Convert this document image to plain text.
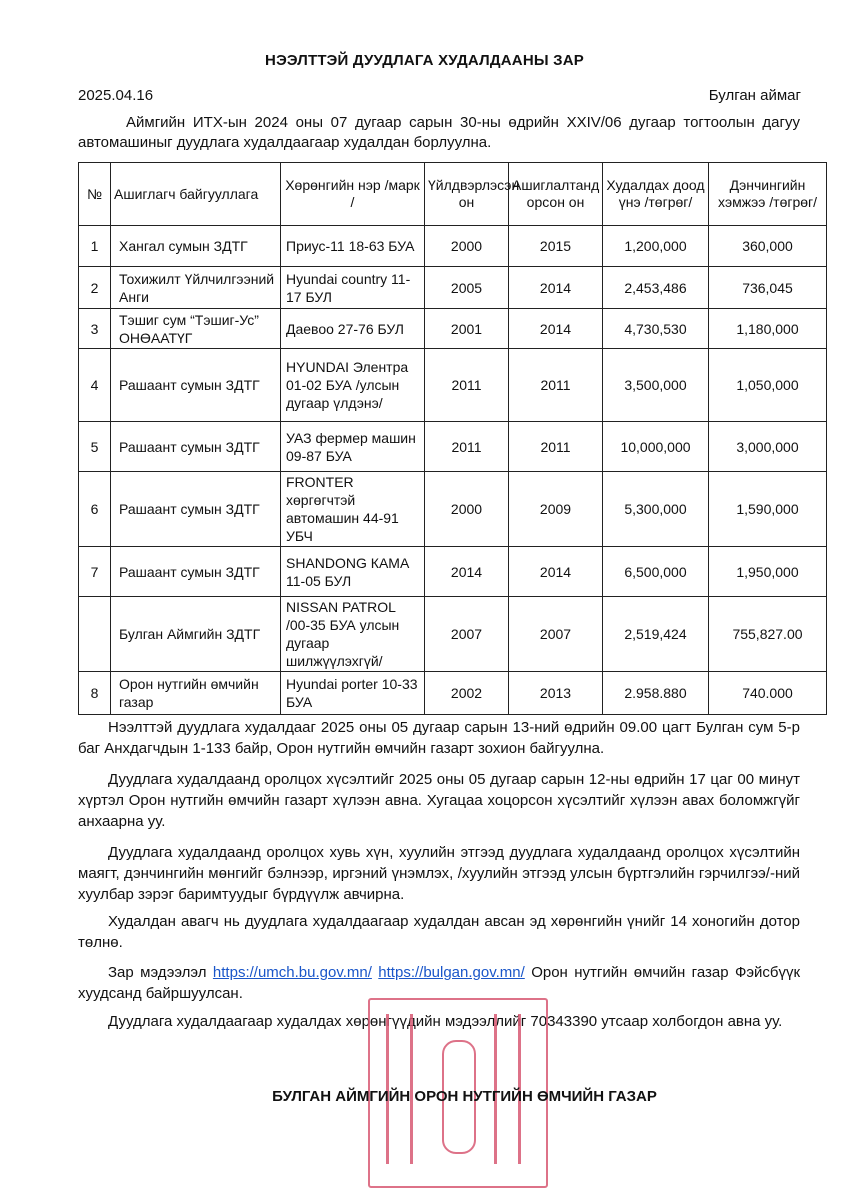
НЭЭЛТТЭЙ ДУУДЛАГА ХУДАЛДААНЫ ЗАР
2025.04.16	Булган аймаг
Аймгийн ИТХ-ын 2024 оны 07 дугаар сарын 30-ны өдрийн XXIV/06 дугаар тогтоолын дагуу автомашиныг дуудлага худалдаагаар худалдан борлуулна.
№	Ашиглагч байгууллага	Хөрөнгийн нэр /марк /	Үйлдвэрлэсэн он	Ашиглалтанд орсон он	Худалдах доод үнэ /төгрөг/	Дэнчингийн хэмжээ /төгрөг/
1	Хангал сумын ЗДТГ	Приус-11 18-63 БУА	2000	2015	1,200,000	360,000
2	Тохижилт Үйлчилгээний Анги	Hyundai country 11-17 БУЛ	2005	2014	2,453,486	736,045
3	Тэшиг сум “Тэшиг-Ус” ОНӨААТҮГ	Даевоо 27-76 БУЛ	2001	2014	4,730,530	1,180,000
4	Рашаант сумын ЗДТГ	HYUNDAI Элентра 01-02 БУА /улсын дугаар үлдэнэ/	2011	2011	3,500,000	1,050,000
5	Рашаант сумын ЗДТГ	УАЗ фермер машин 09-87 БУА	2011	2011	10,000,000	3,000,000
6	Рашаант сумын ЗДТГ	FRONTER хөргөгчтэй автомашин 44-91 УБЧ	2000	2009	5,300,000	1,590,000
7	Рашаант сумын ЗДТГ	SHANDONG КАМА 11-05 БУЛ	2014	2014	6,500,000	1,950,000
	Булган Аймгийн ЗДТГ	NISSAN PATROL /00-35 БУА улсын дугаар шилжүүлэхгүй/	2007	2007	2,519,424	755,827.00
8	Орон нутгийн өмчийн газар	Hyundai porter 10-33 БУА	2002	2013	2.958.880	740.000
Нээлттэй дуудлага худалдааг 2025 оны 05 дугаар сарын 13-ний өдрийн 09.00 цагт Булган сум 5-р баг Анхдагчдын 1-133 байр, Орон нутгийн өмчийн газарт зохион байгуулна.
Дуудлага худалдаанд оролцох хүсэлтийг 2025 оны 05 дугаар сарын 12-ны өдрийн 17 цаг 00 минут хүртэл Орон нутгийн өмчийн газарт хүлээн авна. Хугацаа хоцорсон хүсэлтийг хүлээн авах боломжгүйг анхаарна уу.
Дуудлага худалдаанд оролцох хувь хүн, хуулийн этгээд дуудлага худалдаанд оролцох хүсэлтийн маягт, дэнчингийн мөнгийг бэлнээр, иргэний үнэмлэх, /хуулийн этгээд улсын бүртгэлийн гэрчилгээ/-ний хуулбар зэрэг баримтуудыг бүрдүүлж авчирна.
Худалдан авагч нь дуудлага худалдаагаар худалдан авсан эд хөрөнгийн үнийг 14 хоногийн дотор төлнө.
Зар мэдээлэл https://umch.bu.gov.mn/ https://bulgan.gov.mn/ Орон нутгийн өмчийн газар Фэйсбүүк хуудсанд байршуулсан.
Дуудлага худалдаагаар худалдах хөрөнгүүдийн мэдээллийг 70343390 утсаар холбогдон авна уу.
БУЛГАН АЙМГИЙН ОРОН НУТГИЙН ӨМЧИЙН ГАЗАР
